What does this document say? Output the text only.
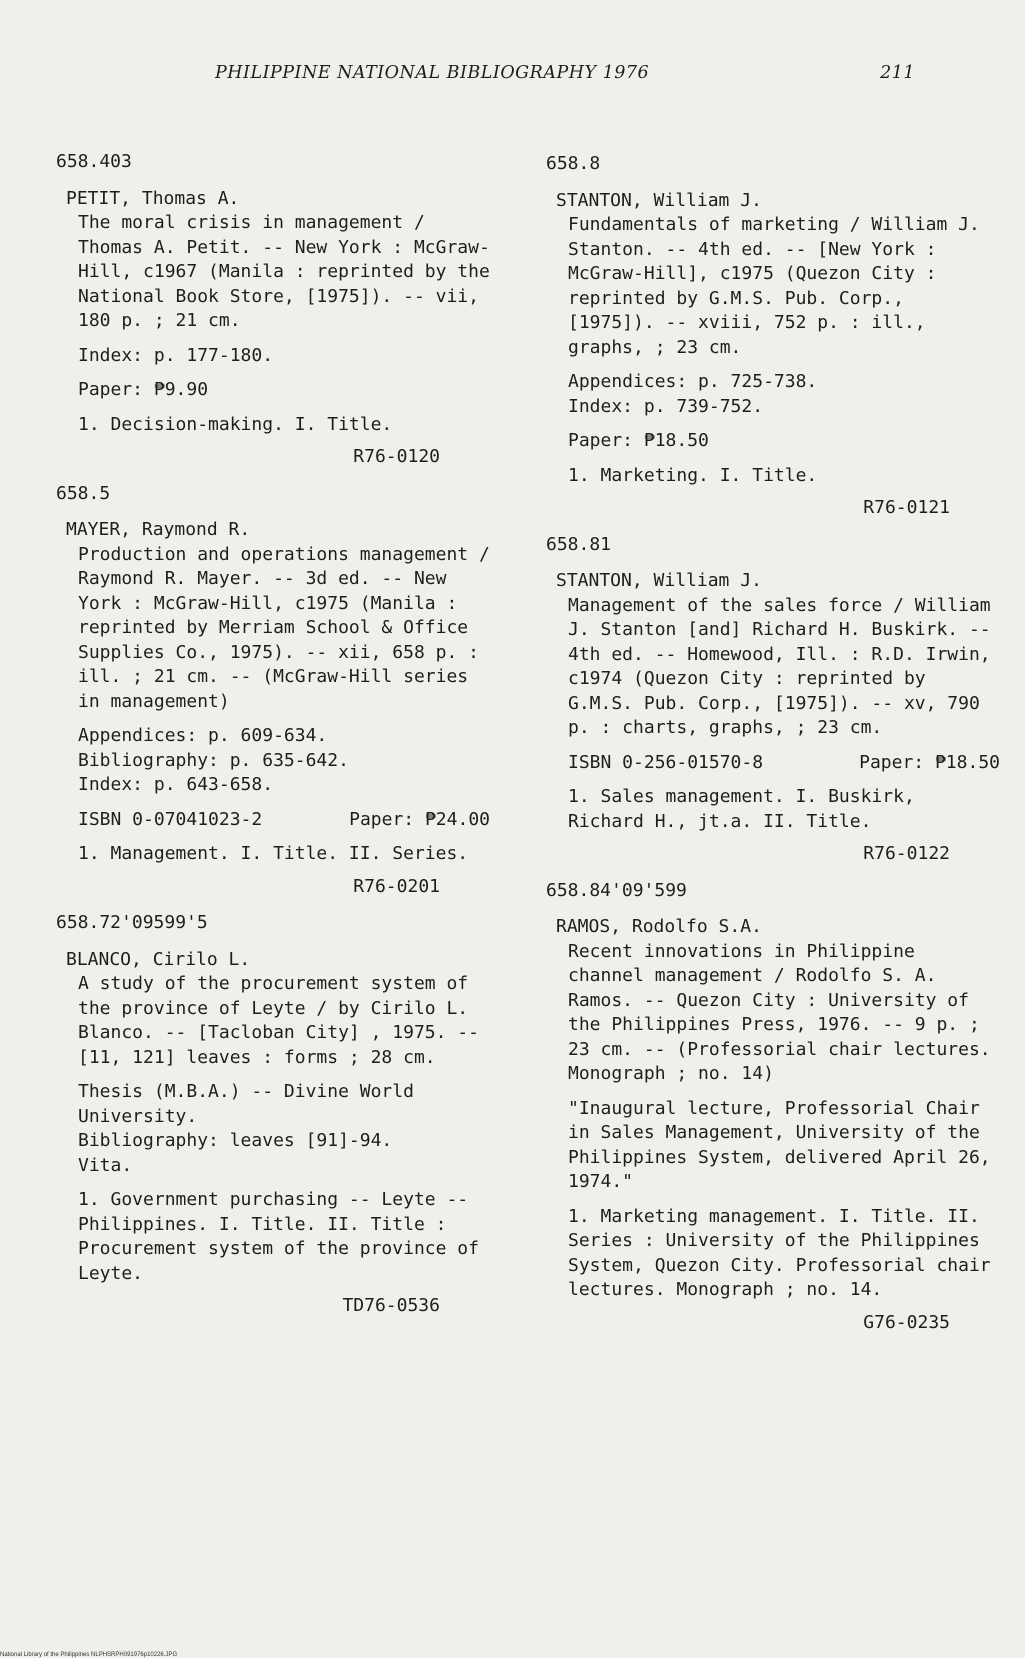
PHILIPPINE NATIONAL BIBLIOGRAPHY 1976	211
658.403
PETIT, Thomas A.
The moral crisis in management / Thomas A. Petit. -- New York : McGraw-Hill, c1967 (Manila : reprinted by the National Book Store, [1975]). -- vii, 180 p. ; 21 cm.
Index: p. 177-180.
Paper: ₱9.90
1. Decision-making. I. Title.
R76-0120
658.5
MAYER, Raymond R.
Production and operations management / Raymond R. Mayer. -- 3d ed. -- New York : McGraw-Hill, c1975 (Manila : reprinted by Merriam School & Office Supplies Co., 1975). -- xii, 658 p. : ill. ; 21 cm. -- (McGraw-Hill series in management)
Appendices: p. 609-634.
Bibliography: p. 635-642.
Index: p. 643-658.
ISBN 0-07041023-2	Paper: ₱24.00
1. Management. I. Title. II. Series.
R76-0201
658.72'09599'5
BLANCO, Cirilo L.
A study of the procurement system of the province of Leyte / by Cirilo L. Blanco. -- [Tacloban City] , 1975. -- [11, 121] leaves : forms ; 28 cm.
Thesis (M.B.A.) -- Divine World University.
Bibliography: leaves [91]-94.
Vita.
1. Government purchasing -- Leyte -- Philippines. I. Title. II. Title : Procurement system of the province of Leyte.
TD76-0536
658.8
STANTON, William J.
Fundamentals of marketing / William J. Stanton. -- 4th ed. -- [New York : McGraw-Hill], c1975 (Quezon City : reprinted by G.M.S. Pub. Corp., [1975]). -- xviii, 752 p. : ill., graphs, ; 23 cm.
Appendices: p. 725-738.
Index: p. 739-752.
Paper: ₱18.50
1. Marketing. I. Title.
R76-0121
658.81
STANTON, William J.
Management of the sales force / William J. Stanton [and] Richard H. Buskirk. -- 4th ed. -- Homewood, Ill. : R.D. Irwin, c1974 (Quezon City : reprinted by G.M.S. Pub. Corp., [1975]). -- xv, 790 p. : charts, graphs, ; 23 cm.
ISBN 0-256-01570-8	Paper: ₱18.50
1. Sales management. I. Buskirk, Richard H., jt.a. II. Title.
R76-0122
658.84'09'599
RAMOS, Rodolfo S.A.
Recent innovations in Philippine channel management / Rodolfo S. A. Ramos. -- Quezon City : University of the Philippines Press, 1976. -- 9 p. ; 23 cm. -- (Professorial chair lectures. Monograph ; no. 14)
"Inaugural lecture, Professorial Chair in Sales Management, University of the Philippines System, delivered April 26, 1974."
1. Marketing management. I. Title. II. Series : University of the Philippines System, Quezon City. Professorial chair lectures. Monograph ; no. 14.
G76-0235
National Library of the Philippines NLPHSRPH091976p10226.JPG
